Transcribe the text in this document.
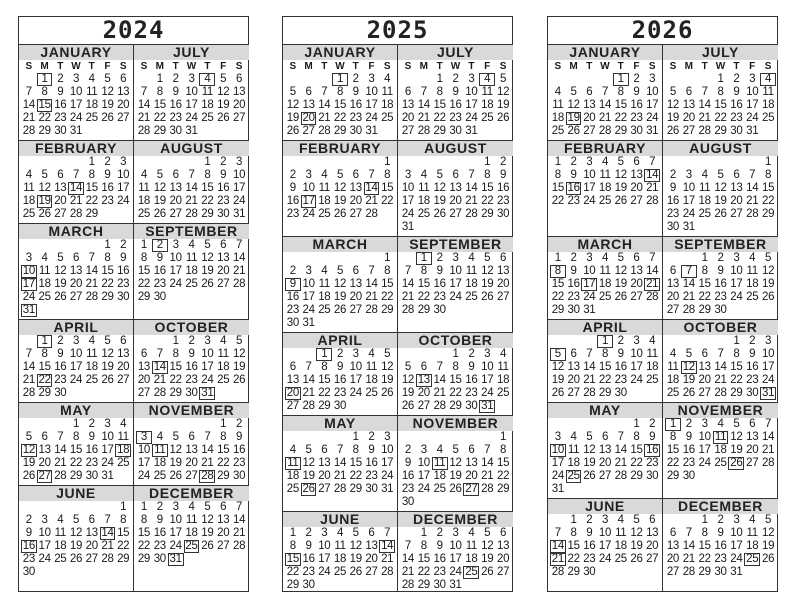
2024
JANUARY
S M T W T F S
1 2 3 4 5 6
7 8 9 10 11 12 13
14 15 16 17 18 19 20
21 22 23 24 25 26 27
28 29 30 31
FEBRUARY
1 2 3
4 5 6 7 8 9 10
11 12 13 14 15 16 17
18 19 20 21 22 23 24
25 26 27 28 29
MARCH
1 2
3 4 5 6 7 8 9
10 11 12 13 14 15 16
17 18 19 20 21 22 23
24 25 26 27 28 29 30
31
APRIL
1 2 3 4 5 6
7 8 9 10 11 12 13
14 15 16 17 18 19 20
21 22 23 24 25 26 27
28 29 30
MAY
1 2 3 4
5 6 7 8 9 10 11
12 13 14 15 16 17 18
19 20 21 22 23 24 25
26 27 28 29 30 31
JUNE
1
2 3 4 5 6 7 8
9 10 11 12 13 14 15
16 17 18 19 20 21 22
23 24 25 26 27 28 29
30
JULY
S M T W T F S
1 2 3 4 5 6
7 8 9 10 11 12 13
14 15 16 17 18 19 20
21 22 23 24 25 26 27
28 29 30 31
AUGUST
1 2 3
4 5 6 7 8 9 10
11 12 13 14 15 16 17
18 19 20 21 22 23 24
25 26 27 28 29 30 31
SEPTEMBER
1 2 3 4 5 6 7
8 9 10 11 12 13 14
15 16 17 18 19 20 21
22 23 24 25 26 27 28
29 30
OCTOBER
1 2 3 4 5
6 7 8 9 10 11 12
13 14 15 16 17 18 19
20 21 22 23 24 25 26
27 28 29 30 31
NOVEMBER
1 2
3 4 5 6 7 8 9
10 11 12 13 14 15 16
17 18 19 20 21 22 23
24 25 26 27 28 29 30
DECEMBER
1 2 3 4 5 6 7
8 9 10 11 12 13 14
15 16 17 18 19 20 21
22 23 24 25 26 27 28
29 30 31
2025
JANUARY
S M T W T F S
1 2 3 4
5 6 7 8 9 10 11
12 13 14 15 16 17 18
19 20 21 22 23 24 25
26 27 28 29 30 31
FEBRUARY
1
2 3 4 5 6 7 8
9 10 11 12 13 14 15
16 17 18 19 20 21 22
23 24 25 26 27 28
MARCH
1
2 3 4 5 6 7 8
9 10 11 12 13 14 15
16 17 18 19 20 21 22
23 24 25 26 27 28 29
30 31
APRIL
1 2 3 4 5
6 7 8 9 10 11 12
13 14 15 16 17 18 19
20 21 22 23 24 25 26
27 28 29 30
MAY
1 2 3
4 5 6 7 8 9 10
11 12 13 14 15 16 17
18 19 20 21 22 23 24
25 26 27 28 29 30 31
JUNE
1 2 3 4 5 6 7
8 9 10 11 12 13 14
15 16 17 18 19 20 21
22 23 24 25 26 27 28
29 30
JULY
S M T W T F S
1 2 3 4 5
6 7 8 9 10 11 12
13 14 15 16 17 18 19
20 21 22 23 24 25 26
27 28 29 30 31
AUGUST
1 2
3 4 5 6 7 8 9
10 11 12 13 14 15 16
17 18 19 20 21 22 23
24 25 26 27 28 29 30
31
SEPTEMBER
1 2 3 4 5 6
7 8 9 10 11 12 13
14 15 16 17 18 19 20
21 22 23 24 25 26 27
28 29 30
OCTOBER
1 2 3 4
5 6 7 8 9 10 11
12 13 14 15 16 17 18
19 20 21 22 23 24 25
26 27 28 29 30 31
NOVEMBER
1
2 3 4 5 6 7 8
9 10 11 12 13 14 15
16 17 18 19 20 21 22
23 24 25 26 27 28 29
30
DECEMBER
1 2 3 4 5 6
7 8 9 10 11 12 13
14 15 16 17 18 19 20
21 22 23 24 25 26 27
28 29 30 31
2026
JANUARY
S M T W T F S
1 2 3
4 5 6 7 8 9 10
11 12 13 14 15 16 17
18 19 20 21 22 23 24
25 26 27 28 29 30 31
FEBRUARY
1 2 3 4 5 6 7
8 9 10 11 12 13 14
15 16 17 18 19 20 21
22 23 24 25 26 27 28
MARCH
1 2 3 4 5 6 7
8 9 10 11 12 13 14
15 16 17 18 19 20 21
22 23 24 25 26 27 28
29 30 31
APRIL
1 2 3 4
5 6 7 8 9 10 11
12 13 14 15 16 17 18
19 20 21 22 23 24 25
26 27 28 29 30
MAY
1 2
3 4 5 6 7 8 9
10 11 12 13 14 15 16
17 18 19 20 21 22 23
24 25 26 27 28 29 30
31
JUNE
1 2 3 4 5 6
7 8 9 10 11 12 13
14 15 16 17 18 19 20
21 22 23 24 25 26 27
28 29 30
JULY
S M T W T F S
1 2 3 4
5 6 7 8 9 10 11
12 13 14 15 16 17 18
19 20 21 22 23 24 25
26 27 28 29 30 31
AUGUST
1
2 3 4 5 6 7 8
9 10 11 12 13 14 15
16 17 18 19 20 21 22
23 24 25 26 27 28 29
30 31
SEPTEMBER
1 2 3 4 5
6 7 8 9 10 11 12
13 14 15 16 17 18 19
20 21 22 23 24 25 26
27 28 29 30
OCTOBER
1 2 3
4 5 6 7 8 9 10
11 12 13 14 15 16 17
18 19 20 21 22 23 24
25 26 27 28 29 30 31
NOVEMBER
1 2 3 4 5 6 7
8 9 10 11 12 13 14
15 16 17 18 19 20 21
22 23 24 25 26 27 28
29 30
DECEMBER
1 2 3 4 5
6 7 8 9 10 11 12
13 14 15 16 17 18 19
20 21 22 23 24 25 26
27 28 29 30 31
